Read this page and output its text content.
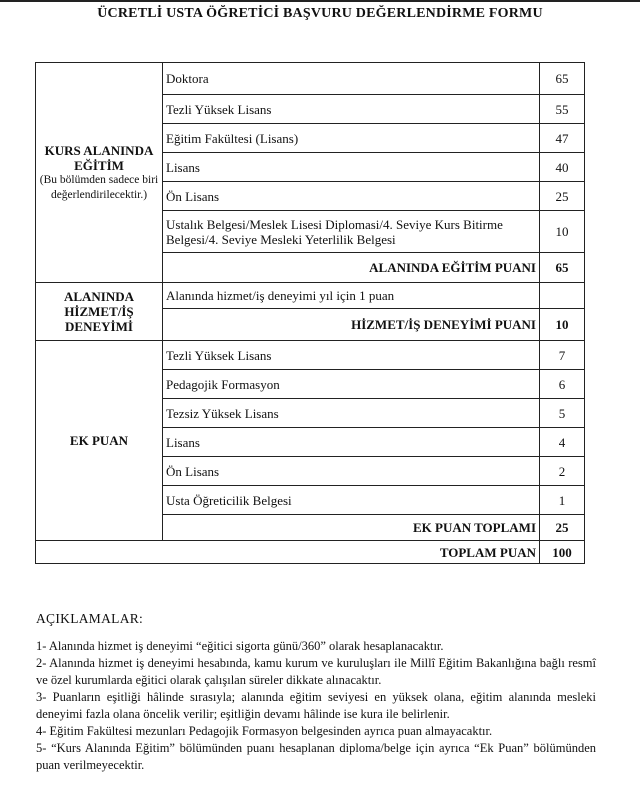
ÜCRETLİ USTA ÖĞRETİCİ BAŞVURU DEĞERLENDİRME FORMU
KURS ALANINDA
EĞİTİM
(Bu bölümden sadece biri değerlendirilecektir.)	Doktora	65
	Tezli Yüksek Lisans	55
	Eğitim Fakültesi (Lisans)	47
	Lisans	40
	Ön Lisans	25
	Ustalık Belgesi/Meslek Lisesi Diplomasi/4. Seviye Kurs Bitirme Belgesi/4. Seviye Mesleki Yeterlilik Belgesi	10
	ALANINDA EĞİTİM PUANI	65
ALANINDA HİZMET/İŞ DENEYİMİ	Alanında hizmet/iş deneyimi yıl için 1 puan	
	HİZMET/İŞ DENEYİMİ PUANI	10
EK PUAN	Tezli Yüksek Lisans	7
	Pedagojik Formasyon	6
	Tezsiz Yüksek Lisans	5
	Lisans	4
	Ön Lisans	2
	Usta Öğreticilik Belgesi	1
	EK PUAN TOPLAMI	25
TOPLAM PUAN		100
AÇIKLAMALAR:

1- Alanında hizmet iş deneyimi “eğitici sigorta günü/360” olarak hesaplanacaktır.

2- Alanında hizmet iş deneyimi hesabında, kamu kurum ve kuruluşları ile Millî Eğitim Bakanlığına bağlı resmî ve özel kurumlarda eğitici olarak çalışılan süreler dikkate alınacaktır.

3- Puanların eşitliği hâlinde sırasıyla; alanında eğitim seviyesi en yüksek olana, eğitim alanında mesleki deneyimi fazla olana öncelik verilir; eşitliğin devamı hâlinde ise kura ile belirlenir.

4- Eğitim Fakültesi mezunları Pedagojik Formasyon belgesinden ayrıca puan almayacaktır.

5- “Kurs Alanında Eğitim” bölümünden puanı hesaplanan diploma/belge için ayrıca “Ek Puan” bölümünden puan verilmeyecektir.
